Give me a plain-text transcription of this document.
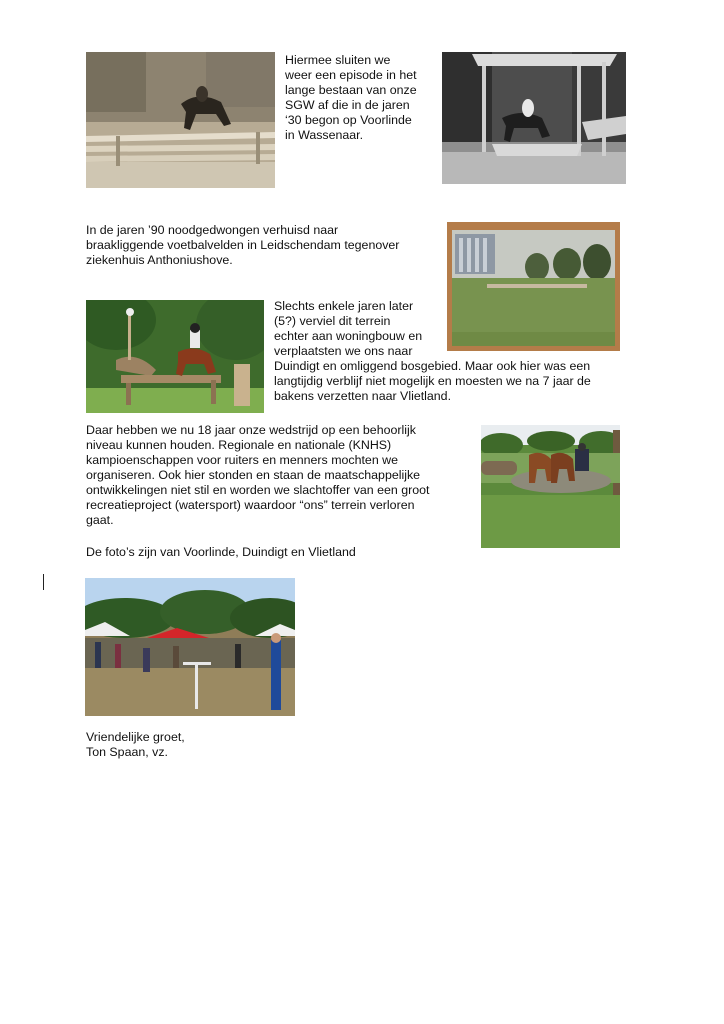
Hiermee sluiten we
weer een episode in het
lange bestaan van onze
SGW af die in de jaren
‘30 begon op Voorlinde
in Wassenaar.
In de jaren ’90 noodgedwongen verhuisd naar
braakliggende voetbalvelden in Leidschendam tegenover
ziekenhuis Anthoniushove.
Slechts enkele jaren later
(5?) verviel dit terrein
echter aan woningbouw en
verplaatsten we ons naar
Duindigt en omliggend bosgebied. Maar ook hier was een
langtijdig verblijf niet mogelijk en moesten we na 7 jaar de
bakens verzetten naar Vlietland.
Daar hebben we nu 18 jaar onze wedstrijd op een behoorlijk
niveau kunnen houden. Regionale en nationale (KNHS)
kampioenschappen voor ruiters en menners mochten we
organiseren. Ook hier stonden en staan de maatschappelijke
ontwikkelingen niet stil en worden we slachtoffer van een groot
recreatieproject (watersport) waardoor “ons” terrein verloren
gaat.
De foto’s zijn van Voorlinde, Duindigt en Vlietland
Vriendelijke groet,
Ton Spaan, vz.
